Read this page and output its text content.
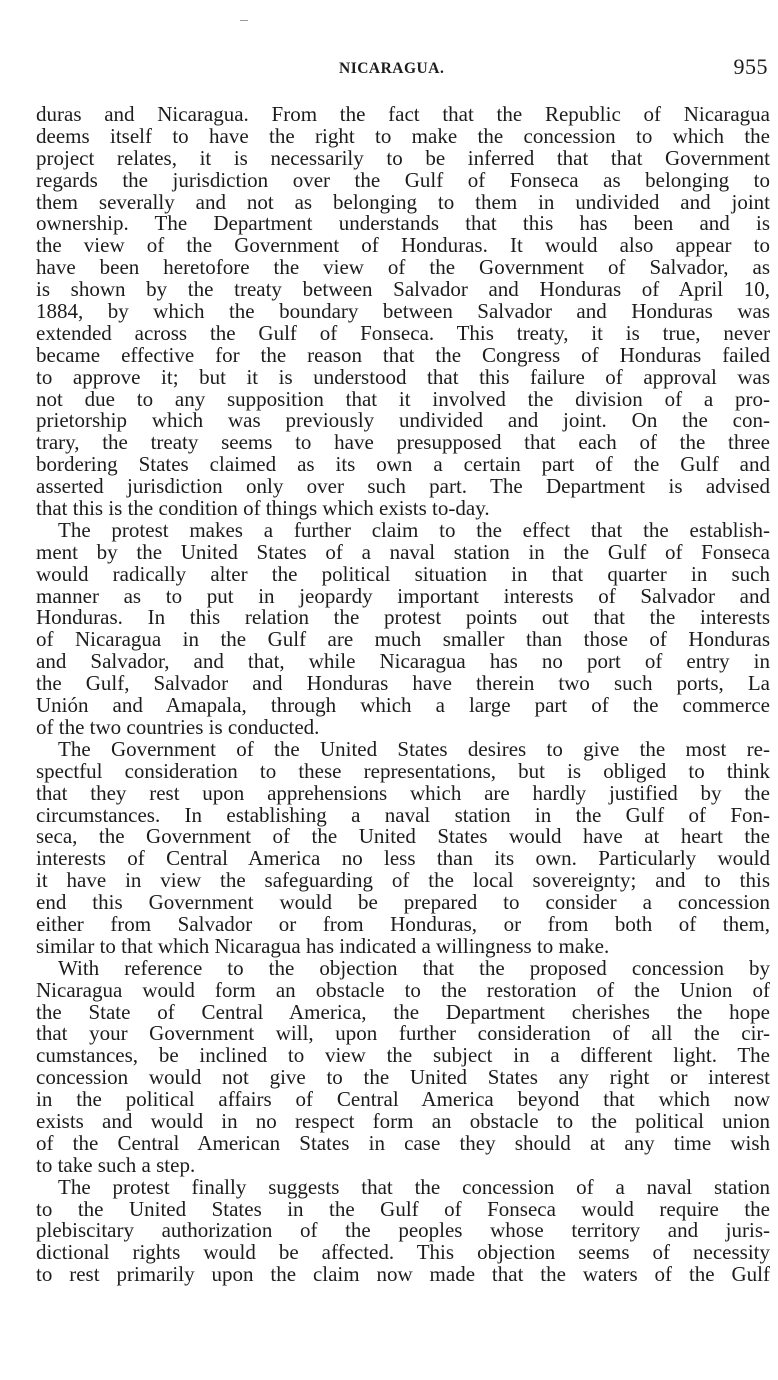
NICARAGUA.	955
duras and Nicaragua. From the fact that the Republic of Nicaragua
deems itself to have the right to make the concession to which the
project relates, it is necessarily to be inferred that that Government
regards the jurisdiction over the Gulf of Fonseca as belonging to
them severally and not as belonging to them in undivided and joint
ownership. The Department understands that this has been and is
the view of the Government of Honduras. It would also appear to
have been heretofore the view of the Government of Salvador, as
is shown by the treaty between Salvador and Honduras of April 10,
1884, by which the boundary between Salvador and Honduras was
extended across the Gulf of Fonseca. This treaty, it is true, never
became effective for the reason that the Congress of Honduras failed
to approve it; but it is understood that this failure of approval was
not due to any supposition that it involved the division of a pro-
prietorship which was previously undivided and joint. On the con-
trary, the treaty seems to have presupposed that each of the three
bordering States claimed as its own a certain part of the Gulf and
asserted jurisdiction only over such part. The Department is advised
that this is the condition of things which exists to-day.
The protest makes a further claim to the effect that the establish-
ment by the United States of a naval station in the Gulf of Fonseca
would radically alter the political situation in that quarter in such
manner as to put in jeopardy important interests of Salvador and
Honduras. In this relation the protest points out that the interests
of Nicaragua in the Gulf are much smaller than those of Honduras
and Salvador, and that, while Nicaragua has no port of entry in
the Gulf, Salvador and Honduras have therein two such ports, La
Unión and Amapala, through which a large part of the commerce
of the two countries is conducted.
The Government of the United States desires to give the most re-
spectful consideration to these representations, but is obliged to think
that they rest upon apprehensions which are hardly justified by the
circumstances. In establishing a naval station in the Gulf of Fon-
seca, the Government of the United States would have at heart the
interests of Central America no less than its own. Particularly would
it have in view the safeguarding of the local sovereignty; and to this
end this Government would be prepared to consider a concession
either from Salvador or from Honduras, or from both of them,
similar to that which Nicaragua has indicated a willingness to make.
With reference to the objection that the proposed concession by
Nicaragua would form an obstacle to the restoration of the Union of
the State of Central America, the Department cherishes the hope
that your Government will, upon further consideration of all the cir-
cumstances, be inclined to view the subject in a different light. The
concession would not give to the United States any right or interest
in the political affairs of Central America beyond that which now
exists and would in no respect form an obstacle to the political union
of the Central American States in case they should at any time wish
to take such a step.
The protest finally suggests that the concession of a naval station
to the United States in the Gulf of Fonseca would require the
plebiscitary authorization of the peoples whose territory and juris-
dictional rights would be affected. This objection seems of necessity
to rest primarily upon the claim now made that the waters of the Gulf
